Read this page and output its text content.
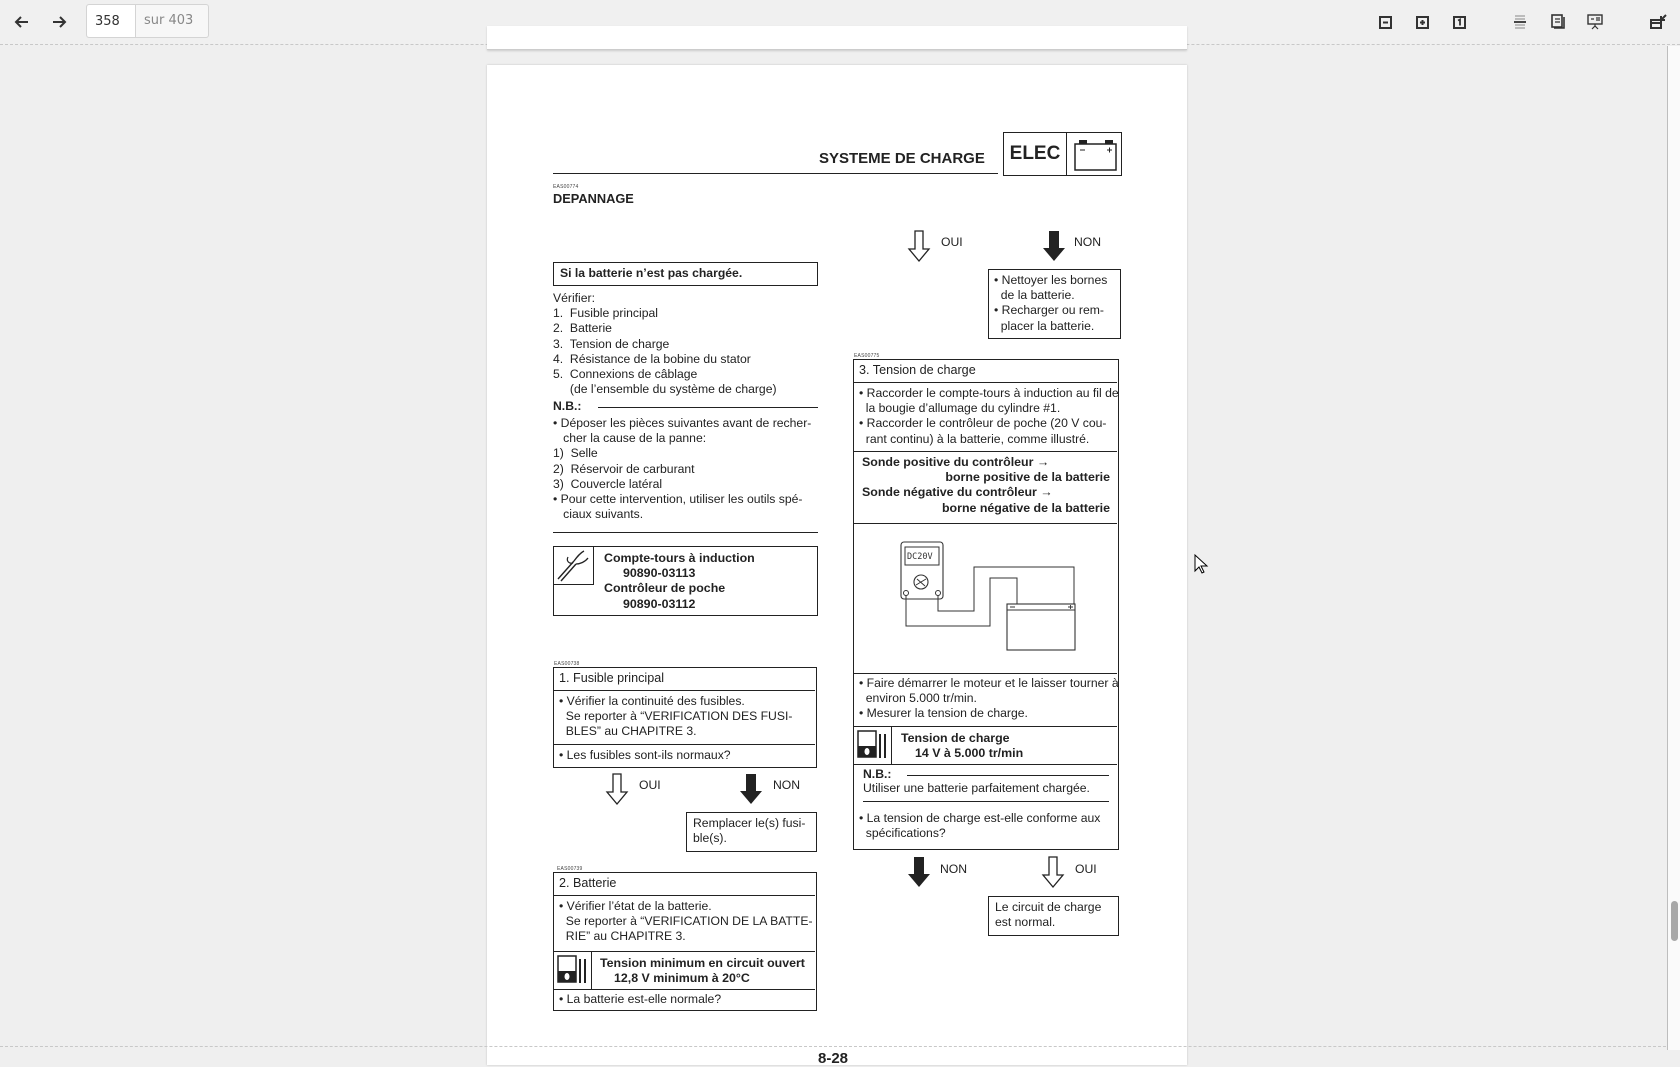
358
sur 403
SYSTEME DE CHARGE ELEC
EAS00774
DEPANNAGE
Si la batterie n’est pas chargée.
Vérifier:
1.  Fusible principal
2.  Batterie
3.  Tension de charge
4.  Résistance de la bobine du stator
5.  Connexions de câblage
(de l’ensemble du système de charge)
N.B.:
• Déposer les pièces suivantes avant de recher-
cher la cause de la panne:
1)  Selle
2)  Réservoir de carburant
3)  Couvercle latéral
• Pour cette intervention, utiliser les outils spé-
ciaux suivants.
Compte-tours à induction
90890-03113
Contrôleur de poche
90890-03112
EAS00738
1. Fusible principal
• Vérifier la continuité des fusibles.
Se reporter à “VERIFICATION DES FUSI-
BLES” au CHAPITRE 3.
• Les fusibles sont-ils normaux?
OUI	NON
Remplacer le(s) fusi-
ble(s).
EAS00739
2. Batterie
• Vérifier l’état de la batterie.
Se reporter à “VERIFICATION DE LA BATTE-
RIE” au CHAPITRE 3.
Tension minimum en circuit ouvert
12,8 V minimum à 20°C
• La batterie est-elle normale?
OUI	NON
• Nettoyer les bornes
de la batterie.
• Recharger ou rem-
placer la batterie.
EAS00775
3. Tension de charge
• Raccorder le compte-tours à induction au fil de
la bougie d’allumage du cylindre #1.
• Raccorder le contrôleur de poche (20 V cou-
rant continu) à la batterie, comme illustré.
Sonde positive du contrôleur →
borne positive de la batterie
Sonde négative du contrôleur →
borne négative de la batterie
DC20V
• Faire démarrer le moteur et le laisser tourner à
environ 5.000 tr/min.
• Mesurer la tension de charge.
Tension de charge
14 V à 5.000 tr/min
N.B.:
Utiliser une batterie parfaitement chargée.
• La tension de charge est-elle conforme aux
spécifications?
NON	OUI
Le circuit de charge
est normal.
8-28
